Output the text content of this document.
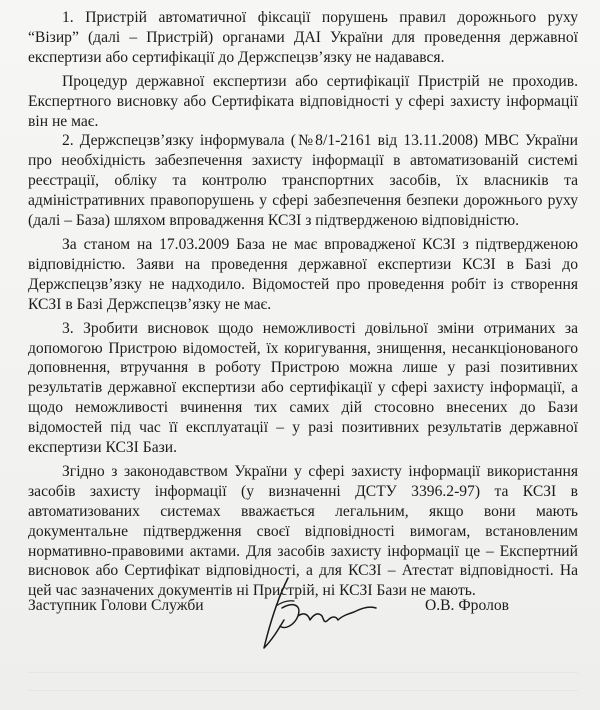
1. Пристрій автоматичної фіксації порушень правил дорожнього руху “Візир” (далі – Пристрій) органами ДАІ України для проведення державної експертизи або сертифікації до Держспецзв’язку не надавався.

Процедур державної експертизи або сертифікації Пристрій не проходив. Експертного висновку або Сертифіката відповідності у сфері захисту інформації він не має.

2. Держспецзв’язку інформувала (№8/1-2161 від 13.11.2008) МВС України про необхідність забезпечення захисту інформації в автоматизованій системі реєстрації, обліку та контролю транспортних засобів, їх власників та адміністративних правопорушень у сфері забезпечення безпеки дорожнього руху (далі – База) шляхом впровадження КСЗІ з підтвердженою відповідністю.

За станом на 17.03.2009 База не має впровадженої КСЗІ з підтвердженою відповідністю. Заяви на проведення державної експертизи КСЗІ в Базі до Держспецзв’язку не надходило. Відомостей про проведення робіт із створення КСЗІ в Базі Держспецзв’язку не має.

3. Зробити висновок щодо неможливості довільної зміни отриманих за допомогою Пристрою відомостей, їх коригування, знищення, несанкціонованого доповнення, втручання в роботу Пристрою можна лише у разі позитивних результатів державної експертизи або сертифікації у сфері захисту інформації, а щодо неможливості вчинення тих самих дій стосовно внесених до Бази відомостей під час її експлуатації – у разі позитивних результатів державної експертизи КСЗІ Бази.

Згідно з законодавством України у сфері захисту інформації використання засобів захисту інформації (у визначенні ДСТУ 3396.2-97) та КСЗІ в автоматизованих системах вважається легальним, якщо вони мають документальне підтвердження своєї відповідності вимогам, встановленим нормативно-правовими актами. Для засобів захисту інформації це – Експертний висновок або Сертифікат відповідності, а для КСЗІ – Атестат відповідності. На цей час зазначених документів ні Пристрій, ні КСЗІ Бази не мають.

Заступник Голови Служби	О.В. Фролов
